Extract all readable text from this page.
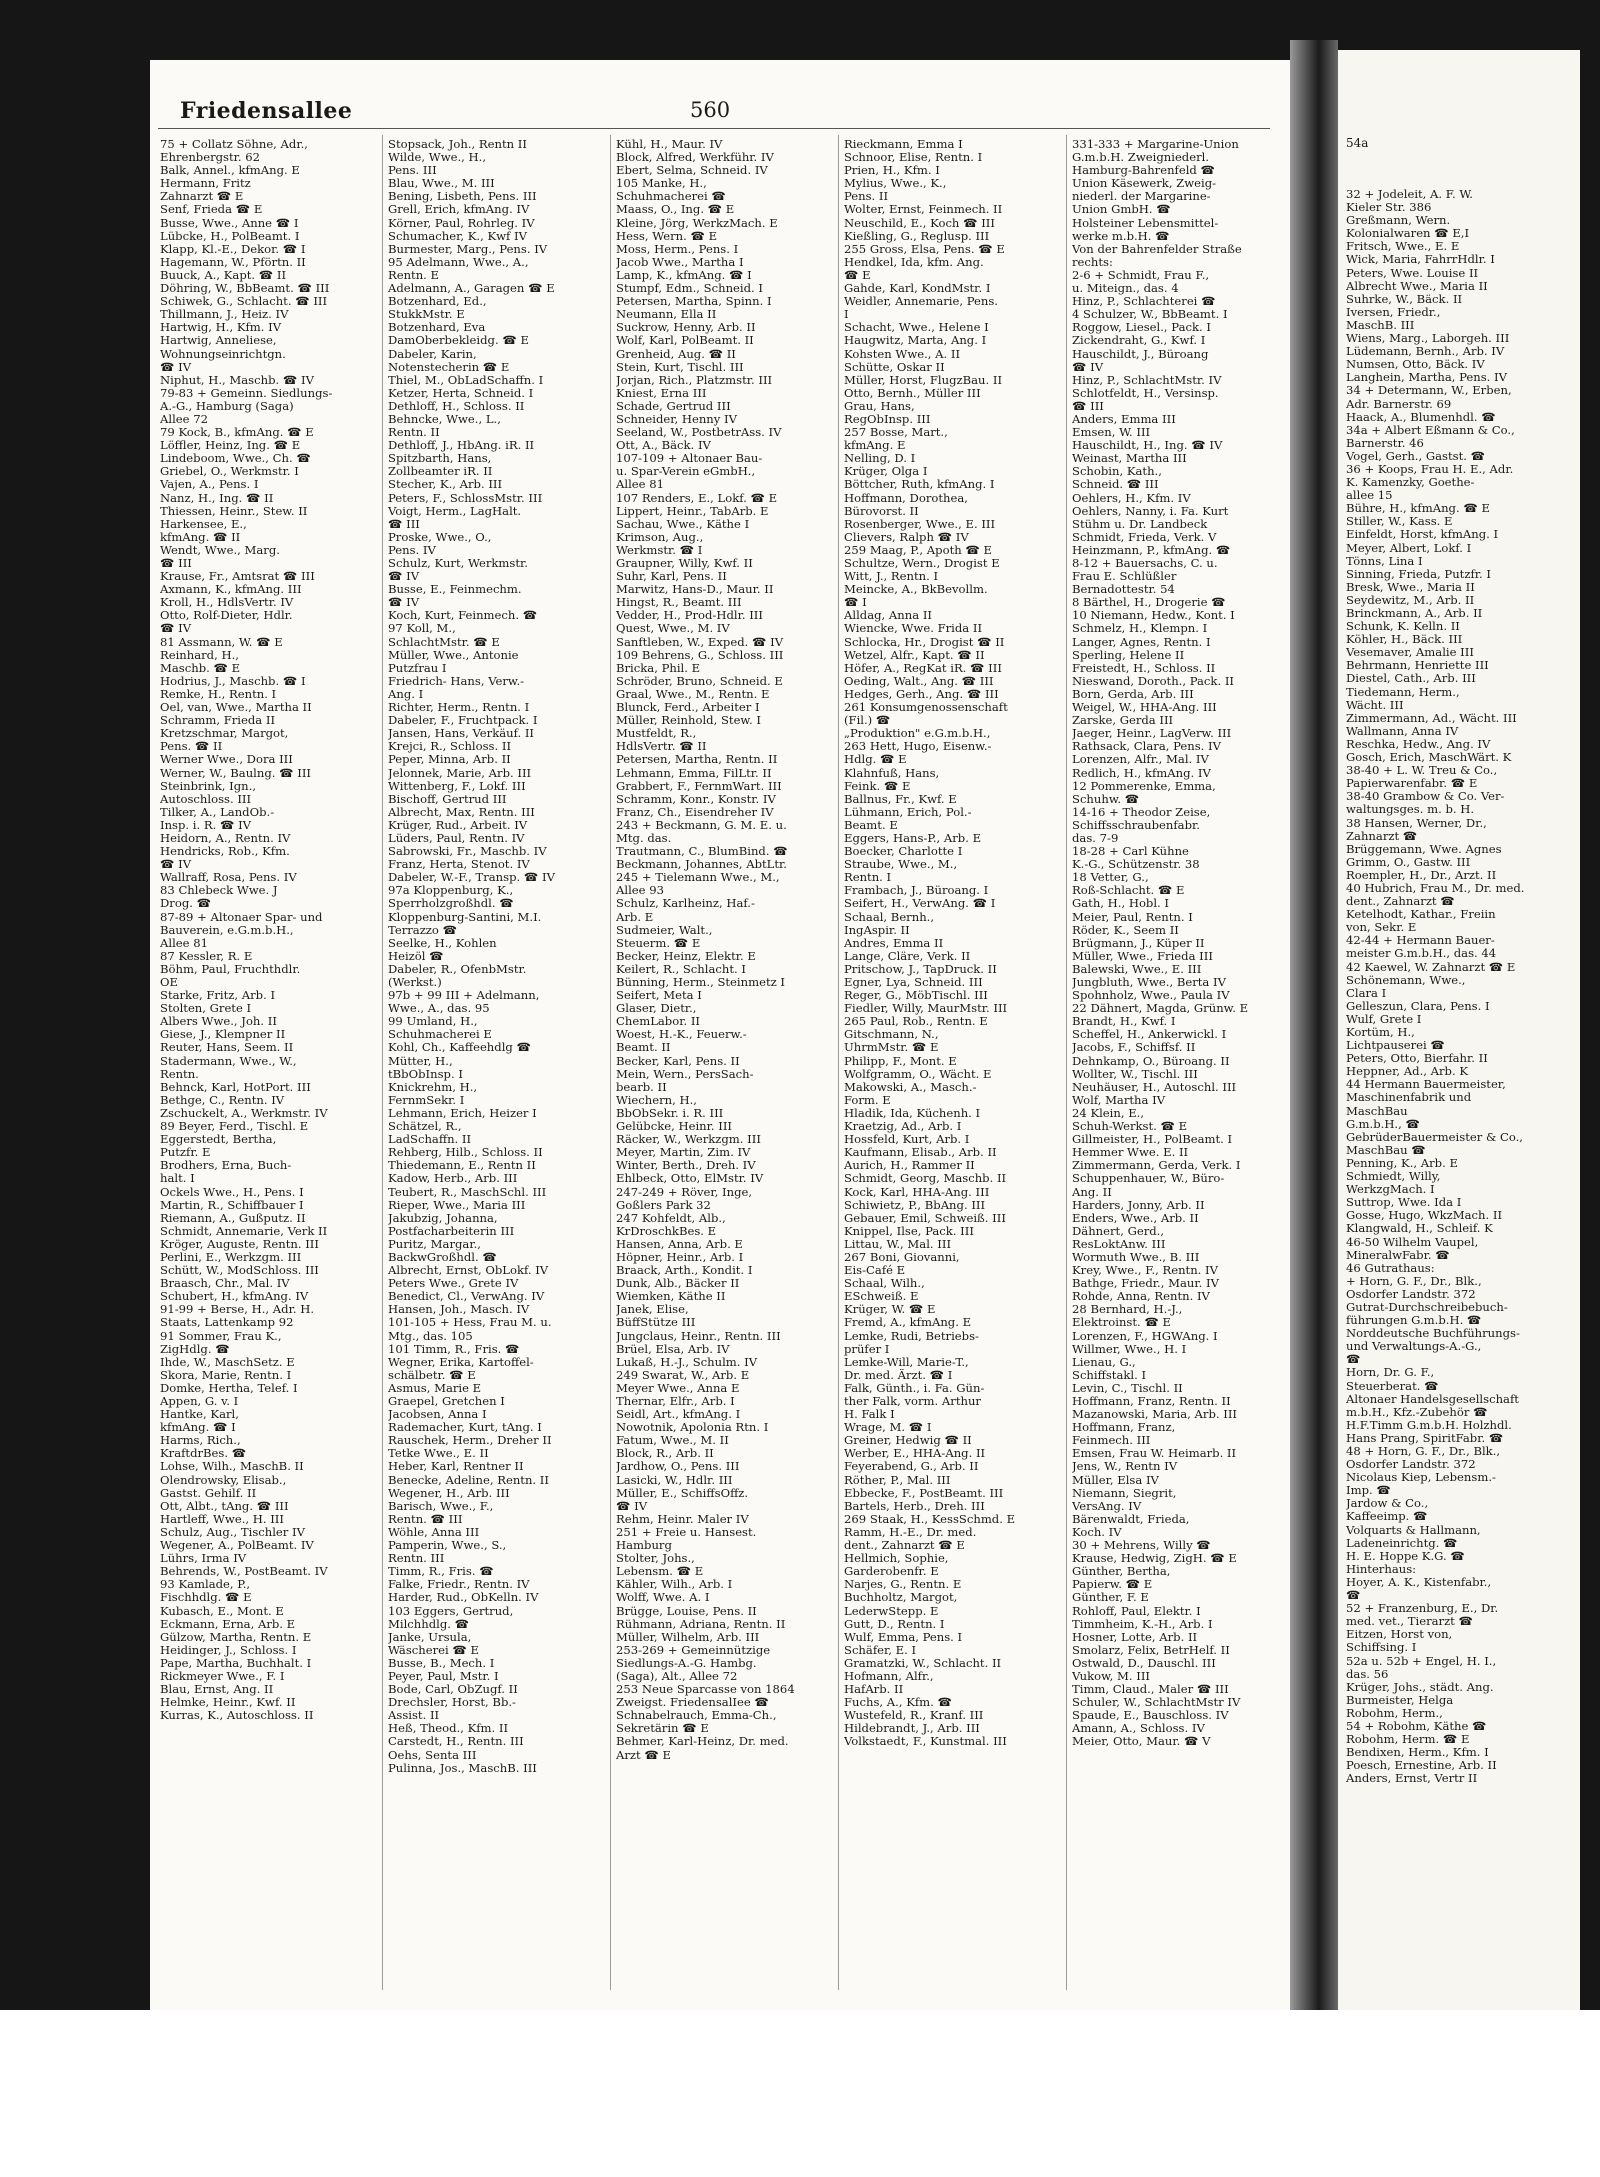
54a
32 + Jodeleit, A. F. W.
Kieler Str. 386
Greßmann, Wern.
Kolonialwaren ☎ E,I
Fritsch, Wwe., E. E
Wick, Maria, FahrrHdlr. I
Peters, Wwe. Louise II
Albrecht Wwe., Maria II
Suhrke, W., Bäck. II
Iversen, Friedr.,
MaschB. III
Wiens, Marg., Laborgeh. III
Lüdemann, Bernh., Arb. IV
Numsen, Otto, Bäck. IV
Langhein, Martha, Pens. IV
34 + Determann, W., Erben,
Adr. Barnerstr. 69
Haack, A., Blumenhdl. ☎
34a + Albert Eßmann & Co.,
Barnerstr. 46
Vogel, Gerh., Gastst. ☎
36 + Koops, Frau H. E., Adr.
K. Kamenzky, Goethe-
allee 15
Bühre, H., kfmAng. ☎ E
Stiller, W., Kass. E
Einfeldt, Horst, kfmAng. I
Meyer, Albert, Lokf. I
Tönns, Lina I
Sinning, Frieda, Putzfr. I
Bresk, Wwe., Maria II
Seydewitz, M., Arb. II
Brinckmann, A., Arb. II
Schunk, K. Kelln. II
Köhler, H., Bäck. III
Vesemaver, Amalie III
Behrmann, Henriette III
Diestel, Cath., Arb. III
Tiedemann, Herm.,
Wächt. III
Zimmermann, Ad., Wächt. III
Wallmann, Anna IV
Reschka, Hedw., Ang. IV
Gosch, Erich, MaschWärt. K
38-40 + L. W. Treu & Co.,
Papierwarenfabr. ☎ E
38-40 Grambow & Co. Ver-
waltungsges. m. b. H.
38 Hansen, Werner, Dr.,
Zahnarzt ☎
Brüggemann, Wwe. Agnes
Grimm, O., Gastw. III
Roempler, H., Dr., Arzt. II
40 Hubrich, Frau M., Dr. med.
dent., Zahnarzt ☎
Ketelhodt, Kathar., Freiin
von, Sekr. E
42-44 + Hermann Bauer-
meister G.m.b.H., das. 44
42 Kaewel, W. Zahnarzt ☎ E
Schönemann, Wwe.,
Clara I
Gelleszun, Clara, Pens. I
Wulf, Grete I
Kortüm, H.,
Lichtpauserei ☎
Peters, Otto, Bierfahr. II
Heppner, Ad., Arb. K
44 Hermann Bauermeister,
Maschinenfabrik und
MaschBau
G.m.b.H., ☎
GebrüderBauermeister & Co.,
MaschBau ☎
Penning, K., Arb. E
Schmiedt, Willy,
WerkzgMach. I
Suttrop, Wwe. Ida I
Gosse, Hugo, WkzMach. II
Klangwald, H., Schleif. K
46-50 Wilhelm Vaupel,
MineralwFabr. ☎
46 Gutrathaus:
+ Horn, G. F., Dr., Blk.,
Osdorfer Landstr. 372
Gutrat-Durchschreibebuch-
führungen G.m.b.H. ☎
Norddeutsche Buchführungs-
und Verwaltungs-A.-G.,
☎
Horn, Dr. G. F.,
Steuerberat. ☎
Altonaer Handelsgesellschaft
m.b.H., Kfz.-Zubehör ☎
H.F.Timm G.m.b.H. Holzhdl.
Hans Prang, SpiritFabr. ☎
48 + Horn, G. F., Dr., Blk.,
Osdorfer Landstr. 372
Nicolaus Kiep, Lebensm.-
Imp. ☎
Jardow & Co.,
Kaffeeimp. ☎
Volquarts & Hallmann,
Ladeneinrichtg. ☎
H. E. Hoppe K.G. ☎
Hinterhaus:
Hoyer, A. K., Kistenfabr.,
☎
52 + Franzenburg, E., Dr.
med. vet., Tierarzt ☎
Eitzen, Horst von,
Schiffsing. I
52a u. 52b + Engel, H. I.,
das. 56
Krüger, Johs., städt. Ang.
Burmeister, Helga
Robohm, Herm.,
54 + Robohm, Käthe ☎
Robohm, Herm. ☎ E
Bendixen, Herm., Kfm. I
Poesch, Ernestine, Arb. II
Anders, Ernst, Vertr II
Friedensallee	560
75 + Collatz Söhne, Adr.,
Ehrenbergstr. 62
Balk, Annel., kfmAng. E
Hermann, Fritz
Zahnarzt ☎ E
Senf, Frieda ☎ E
Busse, Wwe., Anne ☎ I
Lübcke, H., PolBeamt. I
Klapp, Kl.-E., Dekor. ☎ I
Hagemann, W., Pförtn. II
Buuck, A., Kapt. ☎ II
Döhring, W., BbBeamt. ☎ III
Schiwek, G., Schlacht. ☎ III
Thillmann, J., Heiz. IV
Hartwig, H., Kfm. IV
Hartwig, Anneliese,
Wohnungseinrichtgn.
☎ IV
Niphut, H., Maschb. ☎ IV
79-83 + Gemeinn. Siedlungs-
A.-G., Hamburg (Saga)
Allee 72
79 Kock, B., kfmAng. ☎ E
Löffler, Heinz, Ing. ☎ E
Lindeboom, Wwe., Ch. ☎
Griebel, O., Werkmstr. I
Vajen, A., Pens. I
Nanz, H., Ing. ☎ II
Thiessen, Heinr., Stew. II
Harkensee, E.,
kfmAng. ☎ II
Wendt, Wwe., Marg.
☎ III
Krause, Fr., Amtsrat ☎ III
Axmann, K., kfmAng. III
Kroll, H., HdlsVertr. IV
Otto, Rolf-Dieter, Hdlr.
☎ IV
81 Assmann, W. ☎ E
Reinhard, H.,
Maschb. ☎ E
Hodrius, J., Maschb. ☎ I
Remke, H., Rentn. I
Oel, van, Wwe., Martha II
Schramm, Frieda II
Kretzschmar, Margot,
Pens. ☎ II
Werner Wwe., Dora III
Werner, W., Baulng. ☎ III
Steinbrink, Ign.,
Autoschloss. III
Tilker, A., LandOb.-
Insp. i. R. ☎ IV
Heidorn, A., Rentn. IV
Hendricks, Rob., Kfm.
☎ IV
Wallraff, Rosa, Pens. IV
83 Chlebeck Wwe. J
Drog. ☎
87-89 + Altonaer Spar- und
Bauverein, e.G.m.b.H.,
Allee 81
87 Kessler, R. E
Böhm, Paul, Fruchthdlr.
OE
Starke, Fritz, Arb. I
Stolten, Grete I
Albers Wwe., Joh. II
Giese, J., Klempner II
Reuter, Hans, Seem. II
Stadermann, Wwe., W.,
Rentn.
Behnck, Karl, HotPort. III
Bethge, C., Rentn. IV
Zschuckelt, A., Werkmstr. IV
89 Beyer, Ferd., Tischl. E
Eggerstedt, Bertha,
Putzfr. E
Brodhers, Erna, Buch-
halt. I
Ockels Wwe., H., Pens. I
Martin, R., Schiffbauer I
Riemann, A., Gußputz. II
Schmidt, Annemarie, Verk II
Kröger, Auguste, Rentn. III
Perlini, E., Werkzgm. III
Schütt, W., ModSchloss. III
Braasch, Chr., Mal. IV
Schubert, H., kfmAng. IV
91-99 + Berse, H., Adr. H.
Staats, Lattenkamp 92
91 Sommer, Frau K.,
ZigHdlg. ☎
Ihde, W., MaschSetz. E
Skora, Marie, Rentn. I
Domke, Hertha, Telef. I
Appen, G. v. I
Hantke, Karl,
kfmAng. ☎ I
Harms, Rich.,
KraftdrBes. ☎
Lohse, Wilh., MaschB. II
Olendrowsky, Elisab.,
Gastst. Gehilf. II
Ott, Albt., tAng. ☎ III
Hartleff, Wwe., H. III
Schulz, Aug., Tischler IV
Wegener, A., PolBeamt. IV
Lührs, Irma IV
Behrends, W., PostBeamt. IV
93 Kamlade, P.,
Fischhdlg. ☎ E
Kubasch, E., Mont. E
Eckmann, Erna, Arb. E
Gülzow, Martha, Rentn. E
Heidinger, J., Schloss. I
Pape, Martha, Buchhalt. I
Rickmeyer Wwe., F. I
Blau, Ernst, Ang. II
Helmke, Heinr., Kwf. II
Kurras, K., Autoschloss. II
Stopsack, Joh., Rentn II
Wilde, Wwe., H.,
Pens. III
Blau, Wwe., M. III
Bening, Lisbeth, Pens. III
Grell, Erich, kfmAng. IV
Körner, Paul, Rohrleg. IV
Schumacher, K., Kwf IV
Burmester, Marg., Pens. IV
95 Adelmann, Wwe., A.,
Rentn. E
Adelmann, A., Garagen ☎ E
Botzenhard, Ed.,
StukkMstr. E
Botzenhard, Eva
DamOberbekleidg. ☎ E
Dabeler, Karin,
Notenstecherin ☎ E
Thiel, M., ObLadSchaffn. I
Ketzer, Herta, Schneid. I
Dethloff, H., Schloss. II
Behncke, Wwe., L.,
Rentn. II
Dethloff, J., HbAng. iR. II
Spitzbarth, Hans,
Zollbeamter iR. II
Stecher, K., Arb. III
Peters, F., SchlossMstr. III
Voigt, Herm., LagHalt.
☎ III
Proske, Wwe., O.,
Pens. IV
Schulz, Kurt, Werkmstr.
☎ IV
Busse, E., Feinmechm.
☎ IV
Koch, Kurt, Feinmech. ☎
97 Koll, M.,
SchlachtMstr. ☎ E
Müller, Wwe., Antonie
Putzfrau I
Friedrich- Hans, Verw.-
Ang. I
Richter, Herm., Rentn. I
Dabeler, F., Fruchtpack. I
Jansen, Hans, Verkäuf. II
Krejci, R., Schloss. II
Peper, Minna, Arb. II
Jelonnek, Marie, Arb. III
Wittenberg, F., Lokf. III
Bischoff, Gertrud III
Albrecht, Max, Rentn. III
Krüger, Rud., Arbeit. IV
Lüders, Paul, Rentn. IV
Sabrowski, Fr., Maschb. IV
Franz, Herta, Stenot. IV
Dabeler, W.-F., Transp. ☎ IV
97a Kloppenburg, K.,
Sperrholzgroßhdl. ☎
Kloppenburg-Santini, M.I.
Terrazzo ☎
Seelke, H., Kohlen
Heizöl ☎
Dabeler, R., OfenbMstr.
(Werkst.)
97b + 99 III + Adelmann,
Wwe., A., das. 95
99 Umland, H.,
Schuhmacherei E
Kohl, Ch., Kaffeehdlg ☎
Mütter, H.,
tBbObInsp. I
Knickrehm, H.,
FernmSekr. I
Lehmann, Erich, Heizer I
Schätzel, R.,
LadSchaffn. II
Rehberg, Hilb., Schloss. II
Thiedemann, E., Rentn II
Kadow, Herb., Arb. III
Teubert, R., MaschSchl. III
Rieper, Wwe., Maria III
Jakubzig, Johanna,
Postfacharbeiterin III
Puritz, Margar.,
BackwGroßhdl. ☎
Albrecht, Ernst, ObLokf. IV
Peters Wwe., Grete IV
Benedict, Cl., VerwAng. IV
Hansen, Joh., Masch. IV
101-105 + Hess, Frau M. u.
Mtg., das. 105
101 Timm, R., Fris. ☎
Wegner, Erika, Kartoffel-
schälbetr. ☎ E
Asmus, Marie E
Graepel, Gretchen I
Jacobsen, Anna I
Rademacher, Kurt, tAng. I
Rauschek, Herm., Dreher II
Tetke Wwe., E. II
Heber, Karl, Rentner II
Benecke, Adeline, Rentn. II
Wegener, H., Arb. III
Barisch, Wwe., F.,
Rentn. ☎ III
Wöhle, Anna III
Pamperin, Wwe., S.,
Rentn. III
Timm, R., Fris. ☎
Falke, Friedr., Rentn. IV
Harder, Rud., ObKelln. IV
103 Eggers, Gertrud,
Milchhdlg. ☎
Janke, Ursula,
Wäscherei ☎ E
Busse, B., Mech. I
Peyer, Paul, Mstr. I
Bode, Carl, ObZugf. II
Drechsler, Horst, Bb.-
Assist. II
Heß, Theod., Kfm. II
Carstedt, H., Rentn. III
Oehs, Senta III
Pulinna, Jos., MaschB. III
Kühl, H., Maur. IV
Block, Alfred, Werkführ. IV
Ebert, Selma, Schneid. IV
105 Manke, H.,
Schuhmacherei ☎
Maass, O., Ing. ☎ E
Kleine, Jörg, WerkzMach. E
Hess, Wern. ☎ E
Moss, Herm., Pens. I
Jacob Wwe., Martha I
Lamp, K., kfmAng. ☎ I
Stumpf, Edm., Schneid. I
Petersen, Martha, Spinn. I
Neumann, Ella II
Suckrow, Henny, Arb. II
Wolf, Karl, PolBeamt. II
Grenheid, Aug. ☎ II
Stein, Kurt, Tischl. III
Jorjan, Rich., Platzmstr. III
Kniest, Erna III
Schade, Gertrud III
Schneider, Henny IV
Seeland, W., PostbetrAss. IV
Ott, A., Bäck. IV
107-109 + Altonaer Bau-
u. Spar-Verein eGmbH.,
Allee 81
107 Renders, E., Lokf. ☎ E
Lippert, Heinr., TabArb. E
Sachau, Wwe., Käthe I
Krimson, Aug.,
Werkmstr. ☎ I
Graupner, Willy, Kwf. II
Suhr, Karl, Pens. II
Marwitz, Hans-D., Maur. II
Hingst, R., Beamt. III
Vedder, H., Prod-Hdlr. III
Quest, Wwe., M. IV
Sanftleben, W., Exped. ☎ IV
109 Behrens, G., Schloss. III
Bricka, Phil. E
Schröder, Bruno, Schneid. E
Graal, Wwe., M., Rentn. E
Blunck, Ferd., Arbeiter I
Müller, Reinhold, Stew. I
Mustfeldt, R.,
HdlsVertr. ☎ II
Petersen, Martha, Rentn. II
Lehmann, Emma, FilLtr. II
Grabbert, F., FernmWart. III
Schramm, Konr., Konstr. IV
Franz, Ch., Eisendreher IV
243 + Beckmann, G. M. E. u.
Mtg. das.
Trautmann, C., BlumBind. ☎
Beckmann, Johannes, AbtLtr.
245 + Tielemann Wwe., M.,
Allee 93
Schulz, Karlheinz, Haf.-
Arb. E
Sudmeier, Walt.,
Steuerm. ☎ E
Becker, Heinz, Elektr. E
Keilert, R., Schlacht. I
Bünning, Herm., Steinmetz I
Seifert, Meta I
Glaser, Dietr.,
ChemLabor. II
Woest, H.-K., Feuerw.-
Beamt. II
Becker, Karl, Pens. II
Mein, Wern., PersSach-
bearb. II
Wiechern, H.,
BbObSekr. i. R. III
Gelübcke, Heinr. III
Räcker, W., Werkzgm. III
Meyer, Martin, Zim. IV
Winter, Berth., Dreh. IV
Ehlbeck, Otto, ElMstr. IV
247-249 + Röver, Inge,
Goßlers Park 32
247 Kohfeldt, Alb.,
KrDroschkBes. E
Hansen, Anna, Arb. E
Höpner, Heinr., Arb. I
Braack, Arth., Kondit. I
Dunk, Alb., Bäcker II
Wiemken, Käthe II
Janek, Elise,
BüffStütze III
Jungclaus, Heinr., Rentn. III
Brüel, Elsa, Arb. IV
Lukaß, H.-J., Schulm. IV
249 Swarat, W., Arb. E
Meyer Wwe., Anna E
Thernar, Elfr., Arb. I
Seidl, Art., kfmAng. I
Nowotnik, Apolonia Rtn. I
Fatum, Wwe., M. II
Block, R., Arb. II
Jardhow, O., Pens. III
Lasicki, W., Hdlr. III
Müller, E., SchiffsOffz.
☎ IV
Rehm, Heinr. Maler IV
251 + Freie u. Hansest.
Hamburg
Stolter, Johs.,
Lebensm. ☎ E
Kähler, Wilh., Arb. I
Wolff, Wwe. A. I
Brügge, Louise, Pens. II
Rühmann, Adriana, Rentn. II
Müller, Wilhelm, Arb. III
253-269 + Gemeinnützige
Siedlungs-A.-G. Hambg.
(Saga), Alt., Allee 72
253 Neue Sparcasse von 1864
Zweigst. FriedensalIee ☎
Schnabelrauch, Emma-Ch.,
Sekretärin ☎ E
Behmer, Karl-Heinz, Dr. med.
Arzt ☎ E
Rieckmann, Emma I
Schnoor, Elise, Rentn. I
Prien, H., Kfm. I
Mylius, Wwe., K.,
Pens. II
Wolter, Ernst, Feinmech. II
Neuschild, E., Koch ☎ III
Kießling, G., Reglusp. III
255 Gross, Elsa, Pens. ☎ E
Hendkel, Ida, kfm. Ang.
☎ E
Gahde, Karl, KondMstr. I
Weidler, Annemarie, Pens.
I
Schacht, Wwe., Helene I
Haugwitz, Marta, Ang. I
Kohsten Wwe., A. II
Schütte, Oskar II
Müller, Horst, FlugzBau. II
Otto, Bernh., Müller III
Grau, Hans,
RegObInsp. III
257 Bosse, Mart.,
kfmAng. E
Nelling, D. I
Krüger, Olga I
Böttcher, Ruth, kfmAng. I
Hoffmann, Dorothea,
Bürovorst. II
Rosenberger, Wwe., E. III
Clievers, Ralph ☎ IV
259 Maag, P., Apoth ☎ E
Schultze, Wern., Drogist E
Witt, J., Rentn. I
Meincke, A., BkBevollm.
☎ I
Alldag, Anna II
Wiencke, Wwe. Frida II
Schlocka, Hr., Drogist ☎ II
Wetzel, Alfr., Kapt. ☎ II
Höfer, A., RegKat iR. ☎ III
Oeding, Walt., Ang. ☎ III
Hedges, Gerh., Ang. ☎ III
261 Konsumgenossenschaft
(Fil.) ☎
„Produktion" e.G.m.b.H.,
263 Hett, Hugo, Eisenw.-
Hdlg. ☎ E
Klahnfuß, Hans,
Feink. ☎ E
Ballnus, Fr., Kwf. E
Lühmann, Erich, Pol.-
Beamt. E
Eggers, Hans-P., Arb. E
Boecker, Charlotte I
Straube, Wwe., M.,
Rentn. I
Frambach, J., Büroang. I
Seifert, H., VerwAng. ☎ I
Schaal, Bernh.,
IngAspir. II
Andres, Emma II
Lange, Cläre, Verk. II
Pritschow, J., TapDruck. II
Egner, Lya, Schneid. III
Reger, G., MöbTischl. III
Fiedler, Willy, MaurMstr. III
265 Paul, Rob., Rentn. E
Gitschmann, N.,
UhrmMstr. ☎ E
Philipp, F., Mont. E
Wolfgramm, O., Wächt. E
Makowski, A., Masch.-
Form. E
Hladik, Ida, Küchenh. I
Kraetzig, Ad., Arb. I
Hossfeld, Kurt, Arb. I
Kaufmann, Elisab., Arb. II
Aurich, H., Rammer II
Schmidt, Georg, Maschb. II
Kock, Karl, HHA-Ang. III
Schiwietz, P., BbAng. III
Gebauer, Emil, Schweiß. III
Knippel, Ilse, Pack. III
Littau, W., Mal. III
267 Boni, Giovanni,
Eis-Café E
Schaal, Wilh.,
ESchweiß. E
Krüger, W. ☎ E
Fremd, A., kfmAng. E
Lemke, Rudi, Betriebs-
prüfer I
Lemke-Will, Marie-T.,
Dr. med. Ärzt. ☎ I
Falk, Günth., i. Fa. Gün-
ther Falk, vorm. Arthur
H. Falk I
Wrage, M. ☎ I
Greiner, Hedwig ☎ II
Werber, E., HHA-Ang. II
Feyerabend, G., Arb. II
Röther, P., Mal. III
Ebbecke, F., PostBeamt. III
Bartels, Herb., Dreh. III
269 Staak, H., KessSchmd. E
Ramm, H.-E., Dr. med.
dent., Zahnarzt ☎ E
Hellmich, Sophie,
Garderobenfr. E
Narjes, G., Rentn. E
Buchholtz, Margot,
LederwStepp. E
Gutt, D., Rentn. I
Wulf, Emma, Pens. I
Schäfer, E. I
Gramatzki, W., Schlacht. II
Hofmann, Alfr.,
HafArb. II
Fuchs, A., Kfm. ☎
Wustefeld, R., Kranf. III
Hildebrandt, J., Arb. III
Volkstaedt, F., Kunstmal. III
331-333 + Margarine-Union
G.m.b.H. Zweigniederl.
Hamburg-Bahrenfeld ☎
Union Käsewerk, Zweig-
niederl. der Margarine-
Union GmbH. ☎
Holsteiner Lebensmittel-
werke m.b.H. ☎
Von der Bahrenfelder Straße
rechts:
2-6 + Schmidt, Frau F.,
u. Miteign., das. 4
Hinz, P., Schlachterei ☎
4 Schulzer, W., BbBeamt. I
Roggow, Liesel., Pack. I
Zickendraht, G., Kwf. I
Hauschildt, J., Büroang
☎ IV
Hinz, P., SchlachtMstr. IV
Schlotfeldt, H., Versinsp.
☎ III
Anders, Emma III
Emsen, W. III
Hauschildt, H., Ing. ☎ IV
Weinast, Martha III
Schobin, Kath.,
Schneid. ☎ III
Oehlers, H., Kfm. IV
Oehlers, Nanny, i. Fa. Kurt
Stühm u. Dr. Landbeck
Schmidt, Frieda, Verk. V
Heinzmann, P., kfmAng. ☎
8-12 + Bauersachs, C. u.
Frau E. Schlüßler
Bernadottestr. 54
8 Bärthel, H., Drogerie ☎
10 Niemann, Hedw., Kont. I
Schmelz, H., Klempn. I
Langer, Agnes, Rentn. I
Sperling, Helene II
Freistedt, H., Schloss. II
Nieswand, Doroth., Pack. II
Born, Gerda, Arb. III
Weigel, W., HHA-Ang. III
Zarske, Gerda III
Jaeger, Heinr., LagVerw. III
Rathsack, Clara, Pens. IV
Lorenzen, Alfr., Mal. IV
Redlich, H., kfmAng. IV
12 Pommerenke, Emma,
Schuhw. ☎
14-16 + Theodor Zeise,
Schiffsschraubenfabr.
das. 7-9
18-28 + Carl Kühne
K.-G., Schützenstr. 38
18 Vetter, G.,
Roß-Schlacht. ☎ E
Gath, H., Hobl. I
Meier, Paul, Rentn. I
Röder, K., Seem II
Brügmann, J., Küper II
Müller, Wwe., Frieda III
Balewski, Wwe., E. III
Jungbluth, Wwe., Berta IV
Spohnholz, Wwe., Paula IV
22 Dähnert, Magda, Grünw. E
Brandt, H., Kwf. I
Scheffel, H., Ankerwickl. I
Jacobs, F., Schiffsf. II
Dehnkamp, O., Büroang. II
Wollter, W., Tischl. III
Neuhäuser, H., Autoschl. III
Wolf, Martha IV
24 Klein, E.,
Schuh-Werkst. ☎ E
Gillmeister, H., PolBeamt. I
Hemmer Wwe. E. II
Zimmermann, Gerda, Verk. I
Schuppenhauer, W., Büro-
Ang. II
Harders, Jonny, Arb. II
Enders, Wwe., Arb. II
Dähnert, Gerd.,
ResLoktAnw. III
Wormuth Wwe., B. III
Krey, Wwe., F., Rentn. IV
Bathge, Friedr., Maur. IV
Rohde, Anna, Rentn. IV
28 Bernhard, H.-J.,
Elektroinst. ☎ E
Lorenzen, F., HGWAng. I
Willmer, Wwe., H. I
Lienau, G.,
Schiffstakl. I
Levin, C., Tischl. II
Hoffmann, Franz, Rentn. II
Mazanowski, Maria, Arb. III
Hoffmann, Franz,
Feinmech. III
Emsen, Frau W. Heimarb. II
Jens, W., Rentn IV
Müller, Elsa IV
Niemann, Siegrit,
VersAng. IV
Bärenwaldt, Frieda,
Koch. IV
30 + Mehrens, Willy ☎
Krause, Hedwig, ZigH. ☎ E
Günther, Bertha,
Papierw. ☎ E
Günther, F. E
Rohloff, Paul, Elektr. I
Timmheim, K.-H., Arb. I
Hosner, Lotte, Arb. II
Smolarz, Felix, BetrHelf. II
Ostwald, D., Dauschl. III
Vukow, M. III
Timm, Claud., Maler ☎ III
Schuler, W., SchlachtMstr IV
Spaude, E., Bauschloss. IV
Amann, A., Schloss. IV
Meier, Otto, Maur. ☎ V
